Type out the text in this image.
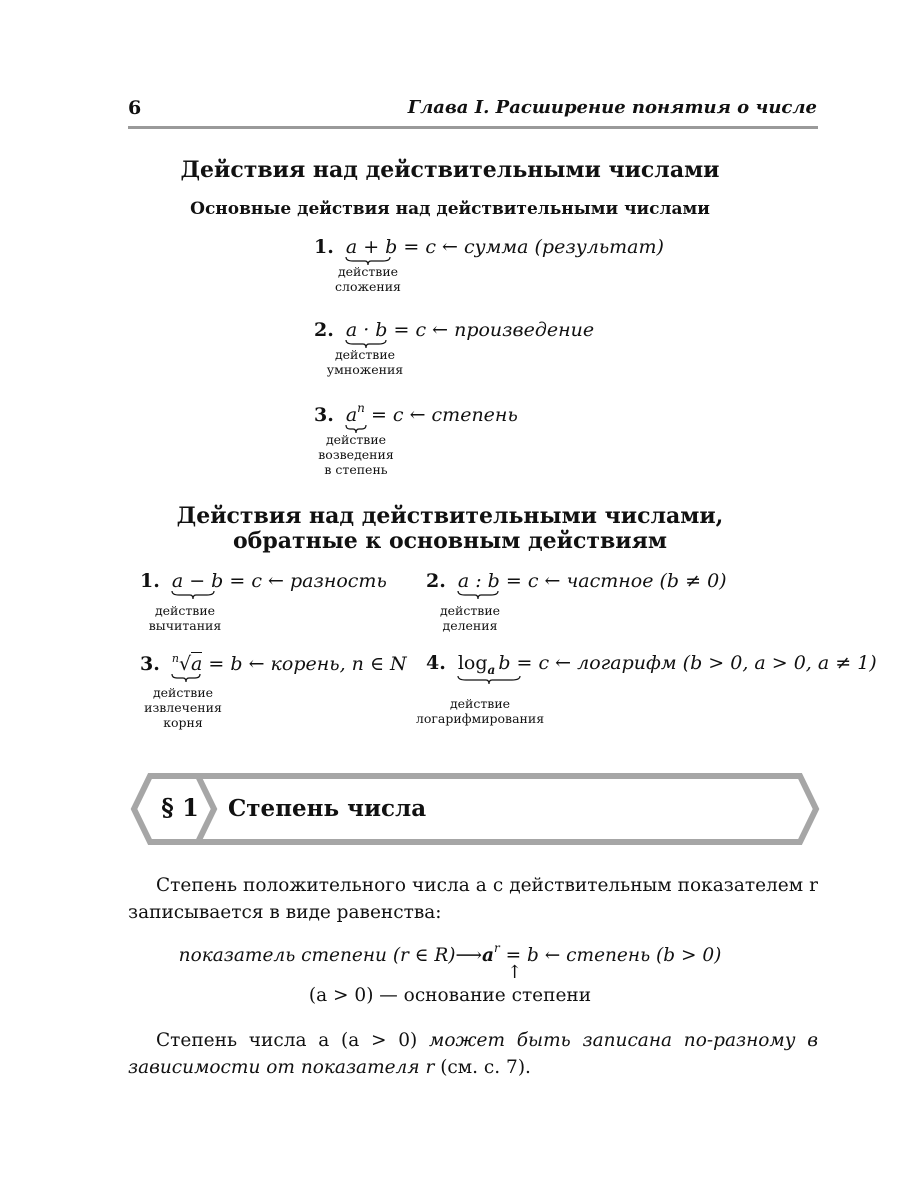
6	Глава I. Расширение понятия о числе
Действия над действительными числами
Основные действия над действительными числами
1. a + b
= c ← сумма (результат)
действие
сложения
2. a · b
= c ← произведение
действие
умножения
3. $a^n$
= c ← степень
действие
возведения
в степень
Действия над действительными числами,
обратные к основным действиям
1. a − b
= c ← разность
действие
вычитания
2. a : b
= c ← частное (b ≠ 0)
действие
деления
3. $^n$√a
= b ← корень, n ∈ N
действие
извлечения
корня
4. $\log_a b$
= c ← логарифм (b > 0, a > 0, a ≠ 1)
действие
логарифмирования
§ 1	Степень числа

Степень положительного числа a с действительным показателем r записывается в виде равенства:

показатель степени (r ∈ $R)⟶a^r = b$ ← степень (b > 0)
↑
(a > 0) — основание степени

Степень числа a (a > 0) может быть записана по-разному в зависимости от показателя r (см. с. 7).
